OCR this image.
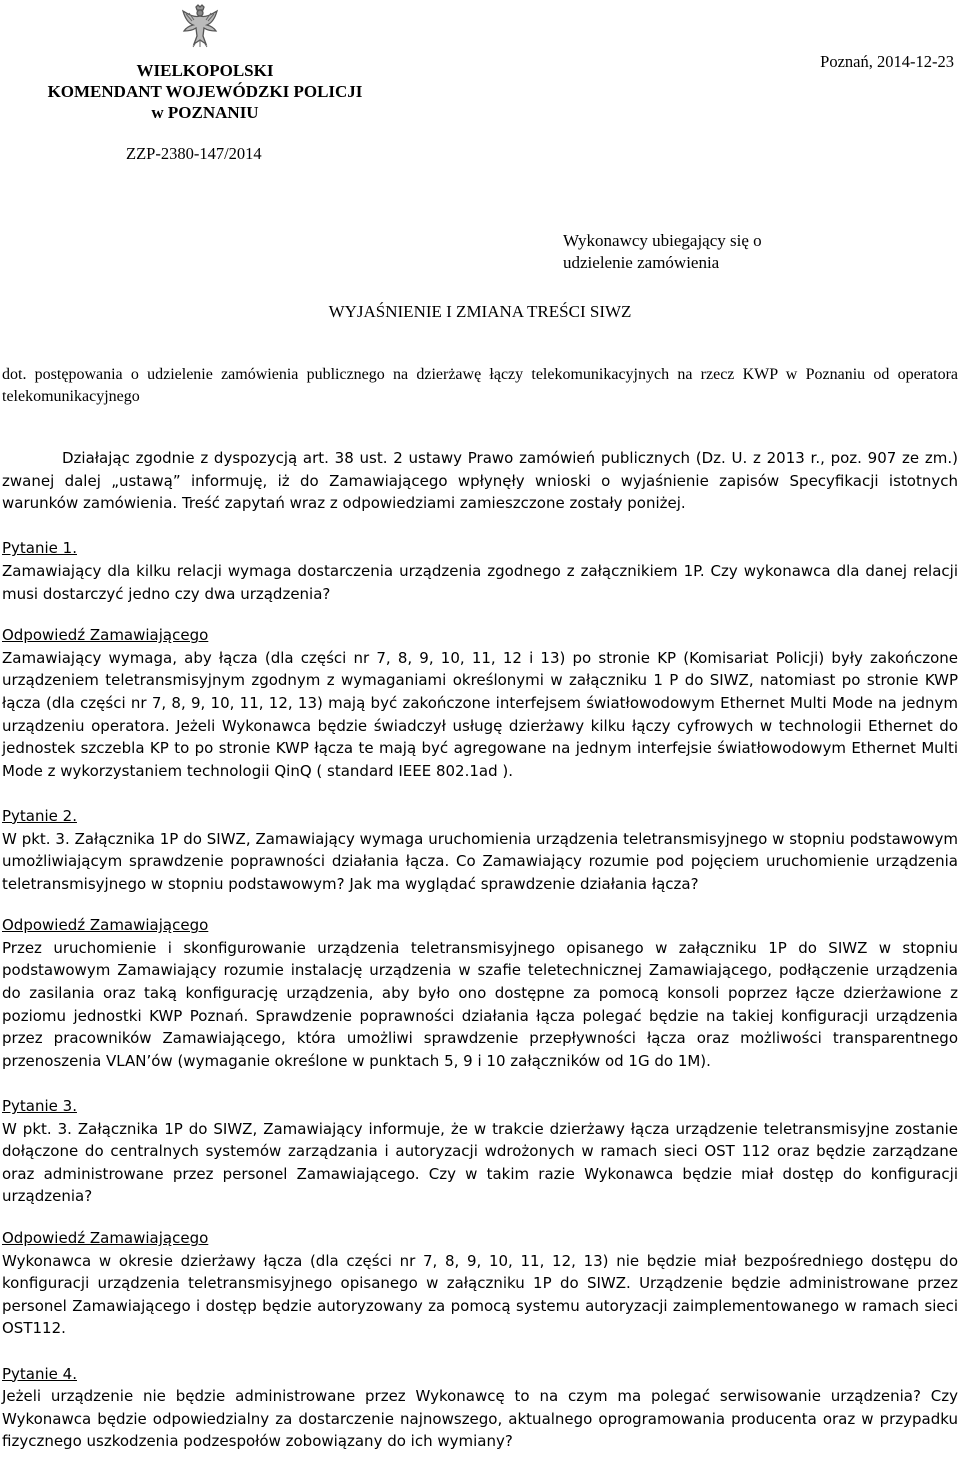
WIELKOPOLSKI
KOMENDANT WOJEWÓDZKI POLICJI
w POZNANIU
Poznań, 2014-12-23
ZZP-2380-147/2014
Wykonawcy ubiegający się o
udzielenie zamówienia
WYJAŚNIENIE I ZMIANA TREŚCI SIWZ
dot. postępowania o udzielenie zamówienia publicznego na dzierżawę łączy telekomunikacyjnych na rzecz KWP w Poznaniu od operatora telekomunikacyjnego

Działając zgodnie z dyspozycją art. 38 ust. 2 ustawy Prawo zamówień publicznych (Dz. U. z 2013 r., poz. 907 ze zm.) zwanej dalej „ustawą” informuję, iż do Zamawiającego wpłynęły wnioski o wyjaśnienie zapisów Specyfikacji istotnych warunków zamówienia. Treść zapytań wraz z odpowiedziami zamieszczone zostały poniżej.

Pytanie 1.

Zamawiający dla kilku relacji wymaga dostarczenia urządzenia zgodnego z załącznikiem 1P. Czy wykonawca dla danej relacji musi dostarczyć jedno czy dwa urządzenia?

Odpowiedź Zamawiającego

Zamawiający wymaga, aby łącza (dla części nr 7, 8, 9, 10, 11, 12 i 13) po stronie KP (Komisariat Policji) były zakończone urządzeniem teletransmisyjnym zgodnym z wymaganiami określonymi w załączniku 1 P do SIWZ, natomiast po stronie KWP łącza (dla części nr 7, 8, 9, 10, 11, 12, 13) mają być zakończone interfejsem światłowodowym Ethernet Multi Mode na jednym urządzeniu operatora. Jeżeli Wykonawca będzie świadczył usługę dzierżawy kilku łączy cyfrowych w technologii Ethernet do jednostek szczebla KP to po stronie KWP łącza te mają być agregowane na jednym interfejsie światłowodowym Ethernet Multi Mode z wykorzystaniem technologii QinQ ( standard IEEE 802.1ad ).

Pytanie 2.

W pkt. 3. Załącznika 1P do SIWZ, Zamawiający wymaga uruchomienia urządzenia teletransmisyjnego w stopniu podstawowym umożliwiającym sprawdzenie poprawności działania łącza. Co Zamawiający rozumie pod pojęciem uruchomienie urządzenia teletransmisyjnego w stopniu podstawowym? Jak ma wyglądać sprawdzenie działania łącza?

Odpowiedź Zamawiającego

Przez uruchomienie i skonfigurowanie urządzenia teletransmisyjnego opisanego w załączniku 1P do SIWZ w stopniu podstawowym Zamawiający rozumie instalację urządzenia w szafie teletechnicznej Zamawiającego, podłączenie urządzenia do zasilania oraz taką konfigurację urządzenia, aby było ono dostępne za pomocą konsoli poprzez łącze dzierżawione z poziomu jednostki KWP Poznań. Sprawdzenie poprawności działania łącza polegać będzie na takiej konfiguracji urządzenia przez pracowników Zamawiającego, która umożliwi sprawdzenie przepływności łącza oraz możliwości transparentnego przenoszenia VLAN’ów (wymaganie określone w punktach 5, 9 i 10 załączników od 1G do 1M).

Pytanie 3.

W pkt. 3. Załącznika 1P do SIWZ, Zamawiający informuje, że w trakcie dzierżawy łącza urządzenie teletransmisyjne zostanie dołączone do centralnych systemów zarządzania i autoryzacji wdrożonych w ramach sieci OST 112 oraz będzie zarządzane oraz administrowane przez personel Zamawiającego. Czy w takim razie Wykonawca będzie miał dostęp do konfiguracji urządzenia?

Odpowiedź Zamawiającego

Wykonawca w okresie dzierżawy łącza (dla części nr 7, 8, 9, 10, 11, 12, 13) nie będzie miał bezpośredniego dostępu do konfiguracji urządzenia teletransmisyjnego opisanego w załączniku 1P do SIWZ. Urządzenie będzie administrowane przez personel Zamawiającego i dostęp będzie autoryzowany za pomocą systemu autoryzacji zaimplementowanego w ramach sieci OST112.

Pytanie 4.

Jeżeli urządzenie nie będzie administrowane przez Wykonawcę to na czym ma polegać serwisowanie urządzenia? Czy Wykonawca będzie odpowiedzialny za dostarczenie najnowszego, aktualnego oprogramowania producenta oraz w przypadku fizycznego uszkodzenia podzespołów zobowiązany do ich wymiany?
